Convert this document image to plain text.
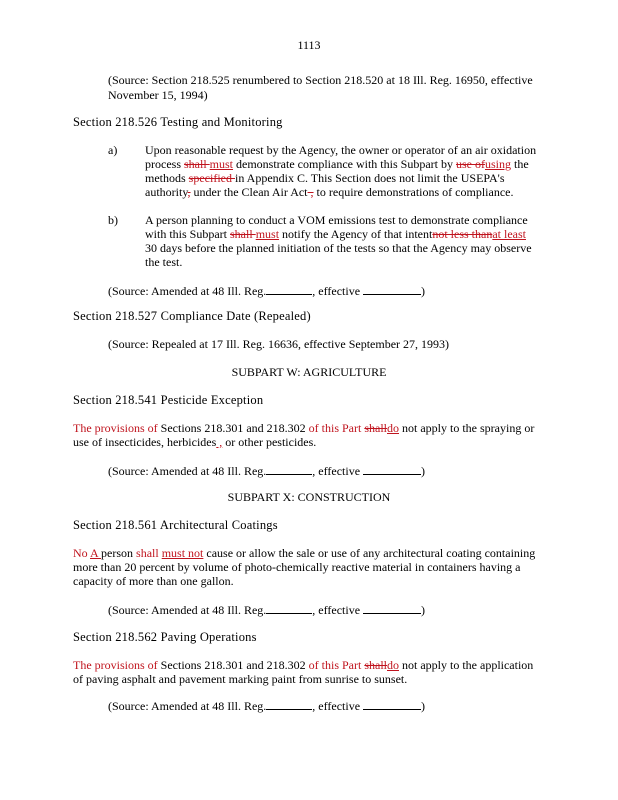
1113
(Source: Section 218.525 renumbered to Section 218.520 at 18 Ill. Reg. 16950, effective
November 15, 1994)
Section 218.526 Testing and Monitoring
a) Upon reasonable request by the Agency, the owner or operator of an air oxidation
process shall must demonstrate compliance with this Subpart by use ofusing the
methods specified in Appendix C. This Section does not limit the USEPA's
authority, under the Clean Air Act , to require demonstrations of compliance.
b) A person planning to conduct a VOM emissions test to demonstrate compliance
with this Subpart shall must notify the Agency of that intentnot less thanat least
30 days before the planned initiation of the tests so that the Agency may observe
the test.
(Source: Amended at 48 Ill. Reg.	, effective	)
Section 218.527 Compliance Date (Repealed)
(Source: Repealed at 17 Ill. Reg. 16636, effective September 27, 1993)
SUBPART W: AGRICULTURE
Section 218.541 Pesticide Exception
The provisions of Sections 218.301 and 218.302 of this Part shalldo not apply to the spraying or
use of insecticides, herbicides , or other pesticides.
(Source: Amended at 48 Ill. Reg.	, effective	)
SUBPART X: CONSTRUCTION
Section 218.561 Architectural Coatings
No A person shall must not cause or allow the sale or use of any architectural coating containing
more than 20 percent by volume of photo-chemically reactive material in containers having a
capacity of more than one gallon.
(Source: Amended at 48 Ill. Reg.	, effective	)
Section 218.562 Paving Operations
The provisions of Sections 218.301 and 218.302 of this Part shalldo not apply to the application
of paving asphalt and pavement marking paint from sunrise to sunset.
(Source: Amended at 48 Ill. Reg.	, effective	)
